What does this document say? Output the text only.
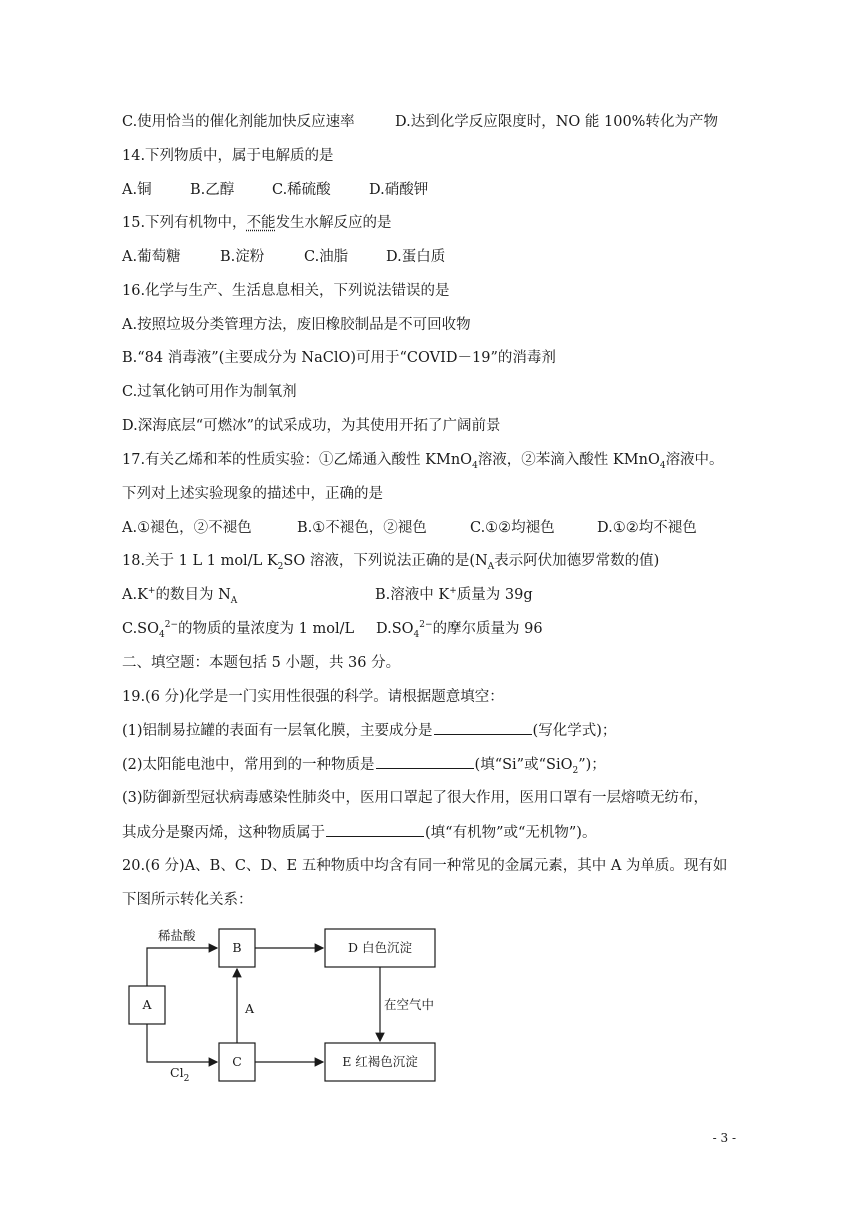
C.使用恰当的催化剂能加快反应速率	D.达到化学反应限度时，NO 能 100%转化为产物
14.下列物质中，属于电解质的是
A.铜	B.乙醇	C.稀硫酸	D.硝酸钾
15.下列有机物中，不能发生水解反应的是
A.葡萄糖	B.淀粉	C.油脂	D.蛋白质
16.化学与生产、生活息息相关，下列说法错误的是
A.按照垃圾分类管理方法，废旧橡胶制品是不可回收物
B.“84 消毒液”(主要成分为 NaClO)可用于“COVID－19”的消毒剂
C.过氧化钠可用作为制氧剂
D.深海底层“可燃冰”的试采成功，为其使用开拓了广阔前景
17.有关乙烯和苯的性质实验：①乙烯通入酸性 KMnO$_4$溶液，②苯滴入酸性 KMnO$_4$溶液中。
下列对上述实验现象的描述中，正确的是
A.①褪色，②不褪色	B.①不褪色，②褪色	C.①②均褪色	D.①②均不褪色
18.关于 1 L 1 mol/L $K_2SO$ 溶液，下列说法正确的是($N_A$表示阿伏加德罗常数的值)
A.K+的数目为 $N_A$	B.溶液中 K+质量为 39g
$C.SO_4^{2-}$的物质的量浓度为 1 mol/L $D.SO_4^{2-}$的摩尔质量为 96
二、填空题：本题包括 5 小题，共 36 分。
19.(6 分)化学是一门实用性很强的科学。请根据题意填空：
(1)铝制易拉罐的表面有一层氧化膜，主要成分是	(写化学式)；
(2)太阳能电池中，常用到的一种物质是	(填“Si”或“SiO$_2$”)；
(3)防御新型冠状病毒感染性肺炎中，医用口罩起了很大作用，医用口罩有一层熔喷无纺布，
其成分是聚丙烯，这种物质属于	(填“有机物”或“无机物”)。
20.(6 分)A、B、C、D、E 五种物质中均含有同一种常见的金属元素，其中 A 为单质。现有如
下图所示转化关系：
A
B
C
D 白色沉淀
E 红褐色沉淀
稀盐酸
$Cl_2$
A	在空气中
- 3 -
